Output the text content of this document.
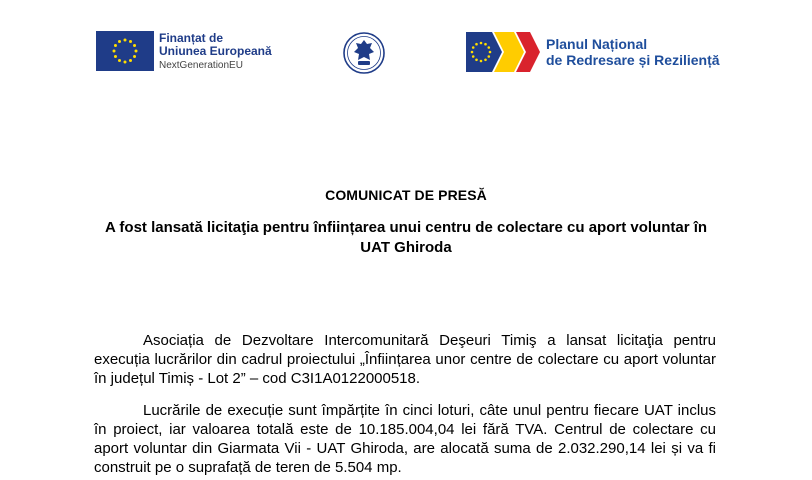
Finanțat de
Uniunea Europeană
NextGenerationEU
Planul Național
de Redresare și Reziliență
COMUNICAT DE PRESĂ
A fost lansată licitaţia pentru înființarea unui centru de colectare cu aport voluntar în UAT Ghiroda

Asociația de Dezvoltare Intercomunitară Deşeuri Timiş a lansat licitaţia pentru execuția lucrărilor din cadrul proiectului „Înființarea unor centre de colectare cu aport voluntar în județul Timiș - Lot 2” – cod C3I1A0122000518.

Lucrările de execuție sunt împărțite în cinci loturi, câte unul pentru fiecare UAT inclus în proiect, iar valoarea totală este de 10.185.004,04 lei fără TVA. Centrul de colectare cu aport voluntar din Giarmata Vii - UAT Ghiroda, are alocată suma de 2.032.290,14 lei și va fi construit pe o suprafață de teren de 5.504 mp.
